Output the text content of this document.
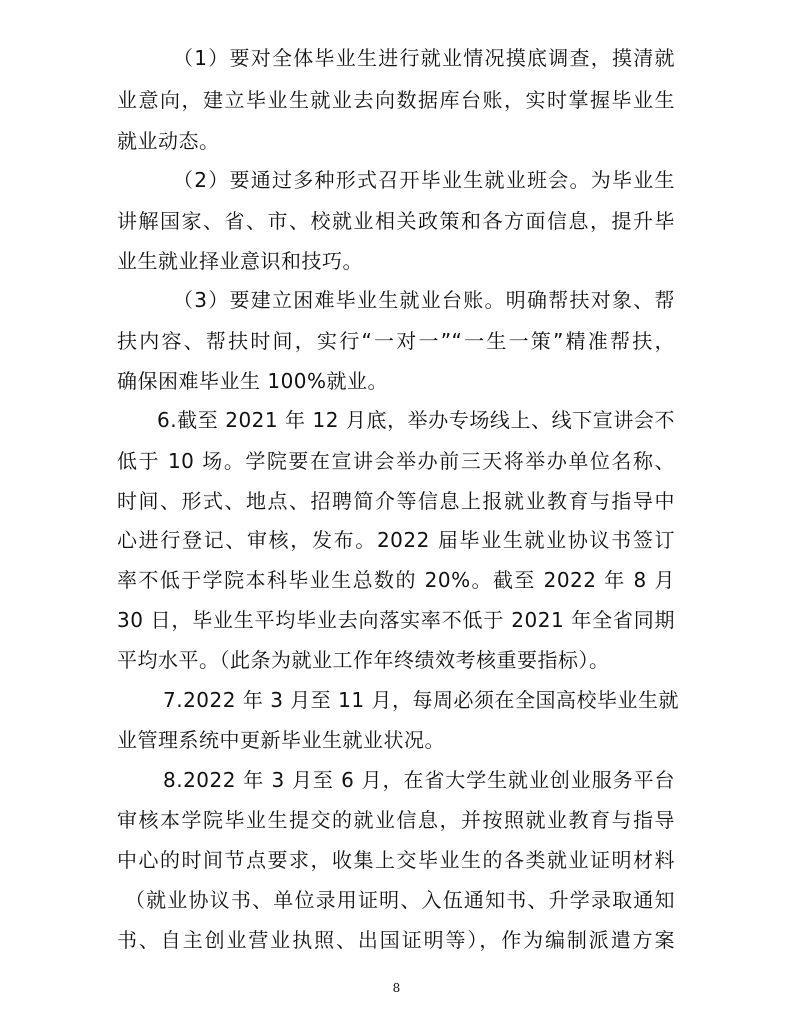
（1）要对全体毕业生进行就业情况摸底调查，摸清就
业意向，建立毕业生就业去向数据库台账，实时掌握毕业生
就业动态。
（2）要通过多种形式召开毕业生就业班会。为毕业生
讲解国家、省、市、校就业相关政策和各方面信息，提升毕
业生就业择业意识和技巧。
（3）要建立困难毕业生就业台账。明确帮扶对象、帮
扶内容、帮扶时间，实行“一对一”“一生一策”精准帮扶，
确保困难毕业生 100%就业。
6.截至 2021 年 12 月底，举办专场线上、线下宣讲会不
低于 10 场。学院要在宣讲会举办前三天将举办单位名称、
时间、形式、地点、招聘简介等信息上报就业教育与指导中
心进行登记、审核，发布。2022 届毕业生就业协议书签订
率不低于学院本科毕业生总数的 20%。截至 2022 年 8 月
30 日，毕业生平均毕业去向落实率不低于 2021 年全省同期
平均水平。（此条为就业工作年终绩效考核重要指标）。
7.2022 年 3 月至 11 月，每周必须在全国高校毕业生就
业管理系统中更新毕业生就业状况。
8.2022 年 3 月至 6 月，在省大学生就业创业服务平台
审核本学院毕业生提交的就业信息，并按照就业教育与指导
中心的时间节点要求，收集上交毕业生的各类就业证明材料
（就业协议书、单位录用证明、入伍通知书、升学录取通知
书、自主创业营业执照、出国证明等），作为编制派遣方案
8
